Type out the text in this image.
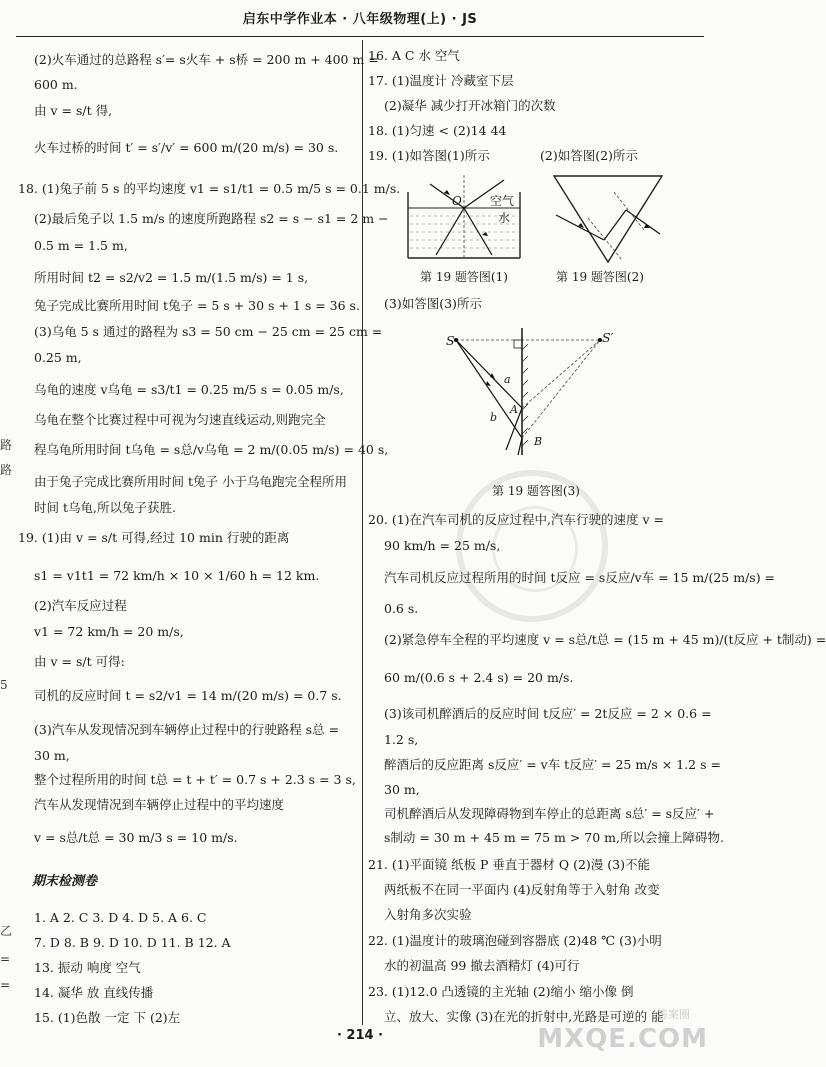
启东中学作业本 · 八年级物理(上) · JS
路
路
5
乙
=
=
(2)火车通过的总路程 s′= s火车 + s桥 = 200 m + 400 m =
600 m.
由 v = s/t 得,
火车过桥的时间 t′ = s′/v′ = 600 m/(20 m/s) = 30 s.
18. (1)兔子前 5 s 的平均速度 v1 = s1/t1 = 0.5 m/5 s = 0.1 m/s.
(2)最后兔子以 1.5 m/s 的速度所跑路程 s2 = s − s1 = 2 m −
0.5 m = 1.5 m,
所用时间 t2 = s2/v2 = 1.5 m/(1.5 m/s) = 1 s,
兔子完成比赛所用时间 t兔子 = 5 s + 30 s + 1 s = 36 s.
(3)乌龟 5 s 通过的路程为 s3 = 50 cm − 25 cm = 25 cm =
0.25 m,
乌龟的速度 v乌龟 = s3/t1 = 0.25 m/5 s = 0.05 m/s,
乌龟在整个比赛过程中可视为匀速直线运动,则跑完全
程乌龟所用时间 t乌龟 = s总/v乌龟 = 2 m/(0.05 m/s) = 40 s,
由于兔子完成比赛所用时间 t兔子 小于乌龟跑完全程所用
时间 t乌龟,所以兔子获胜.
19. (1)由 v = s/t 可得,经过 10 min 行驶的距离
s1 = v1t1 = 72 km/h × 10 × 1/60 h = 12 km.
(2)汽车反应过程
v1 = 72 km/h = 20 m/s,
由 v = s/t 可得:
司机的反应时间 t = s2/v1 = 14 m/(20 m/s) = 0.7 s.
(3)汽车从发现情况到车辆停止过程中的行驶路程 s总 =
30 m,
整个过程所用的时间 t总 = t + t′ = 0.7 s + 2.3 s = 3 s,
汽车从发现情况到车辆停止过程中的平均速度
v = s总/t总 = 30 m/3 s = 10 m/s.
期末检测卷
1. A 2. C 3. D 4. D 5. A 6. C
7. D 8. B 9. D 10. D 11. B 12. A
13. 振动 响度 空气
14. 凝华 放 直线传播
15. (1)色散 一定 下 (2)左
16. A C 水 空气
17. (1)温度计 冷藏室下层
(2)凝华 减少打开冰箱门的次数
18. (1)匀速 < (2)14 44
19. (1)如答图(1)所示	(2)如答图(2)所示
O 空气
水
第 19 题答图(1)	第 19 题答图(2)
(3)如答图(3)所示
S	S′
a
b
A
B
第 19 题答图(3)
20. (1)在汽车司机的反应过程中,汽车行驶的速度 v =
90 km/h = 25 m/s,
汽车司机反应过程所用的时间 t反应 = s反应/v车 = 15 m/(25 m/s) =
0.6 s.
(2)紧急停车全程的平均速度 v = s总/t总 = (15 m + 45 m)/(t反应 + t制动) =
60 m/(0.6 s + 2.4 s) = 20 m/s.
(3)该司机醉酒后的反应时间 t反应′ = 2t反应 = 2 × 0.6 =
1.2 s,
醉酒后的反应距离 s反应′ = v车 t反应′ = 25 m/s × 1.2 s =
30 m,
司机醉酒后从发现障碍物到车停止的总距离 s总′ = s反应′ +
s制动 = 30 m + 45 m = 75 m > 70 m,所以会撞上障碍物.
21. (1)平面镜 纸板 P 垂直于器材 Q (2)漫 (3)不能
两纸板不在同一平面内 (4)反射角等于入射角 改变
入射角多次实验
22. (1)温度计的玻璃泡碰到容器底 (2)48 ℃ (3)小明
水的初温高 99 撤去酒精灯 (4)可行
23. (1)12.0 凸透镜的主光轴 (2)缩小 缩小像 倒
立、放大、实像 (3)在光的折射中,光路是可逆的 能
· 214 ·
答案圈
MXQE.COM
